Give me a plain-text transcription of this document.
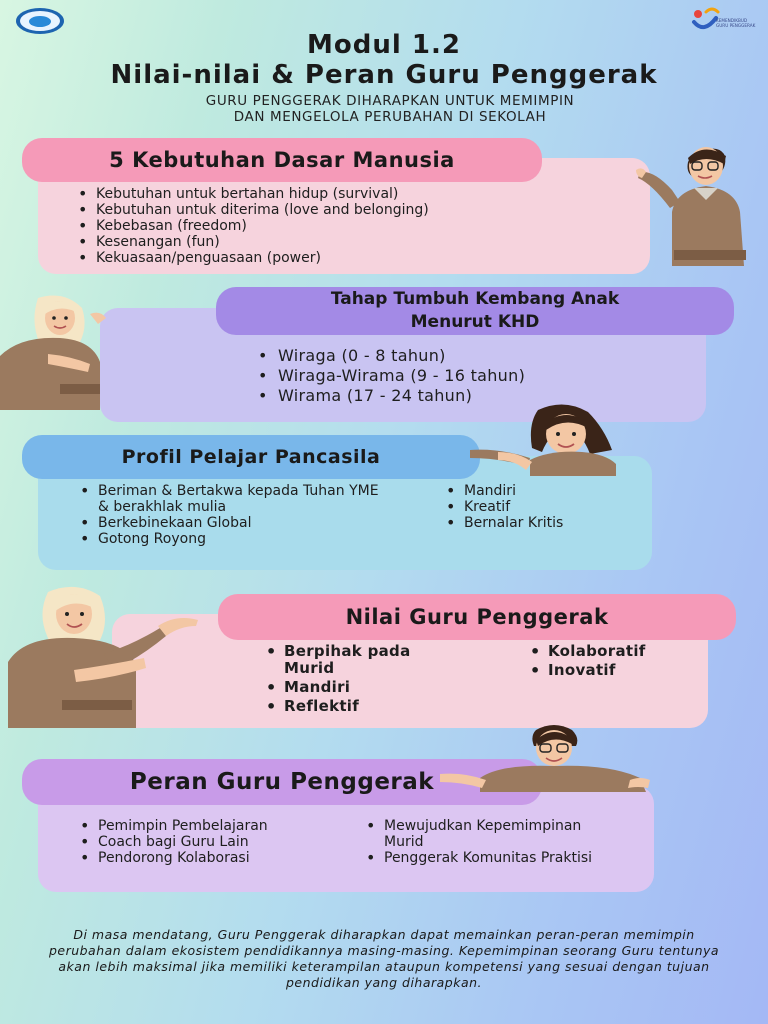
KEMENDIKBUD GURU PENGGERAK
Modul 1.2
Nilai-nilai & Peran Guru Penggerak
GURU PENGGERAK DIHARAPKAN UNTUK MEMIMPIN
DAN MENGELOLA PERUBAHAN DI SEKOLAH
5 Kebutuhan Dasar Manusia
• Kebutuhan untuk bertahan hidup (survival)
• Kebutuhan untuk diterima (love and belonging)
• Kebebasan (freedom)
• Kesenangan (fun)
• Kekuasaan/penguasaan (power)
Tahap Tumbuh Kembang Anak
Menurut KHD
• Wiraga (0 - 8 tahun)
• Wiraga-Wirama (9 - 16 tahun)
• Wirama (17 - 24 tahun)
Profil Pelajar Pancasila
• Beriman & Bertakwa kepada Tuhan YME & berakhlak mulia
• Berkebinekaan Global
• Gotong Royong
• Mandiri
• Kreatif
• Bernalar Kritis
Nilai Guru Penggerak
• Berpihak pada Murid
• Mandiri
• Reflektif
• Kolaboratif
• Inovatif
Peran Guru Penggerak
• Pemimpin Pembelajaran
• Coach bagi Guru Lain
• Pendorong Kolaborasi
• Mewujudkan Kepemimpinan Murid
• Penggerak Komunitas Praktisi
Di masa mendatang, Guru Penggerak diharapkan dapat memainkan peran-peran memimpin perubahan dalam ekosistem pendidikannya masing-masing. Kepemimpinan seorang Guru tentunya akan lebih maksimal jika memiliki keterampilan ataupun kompetensi yang sesuai dengan tujuan pendidikan yang diharapkan.
